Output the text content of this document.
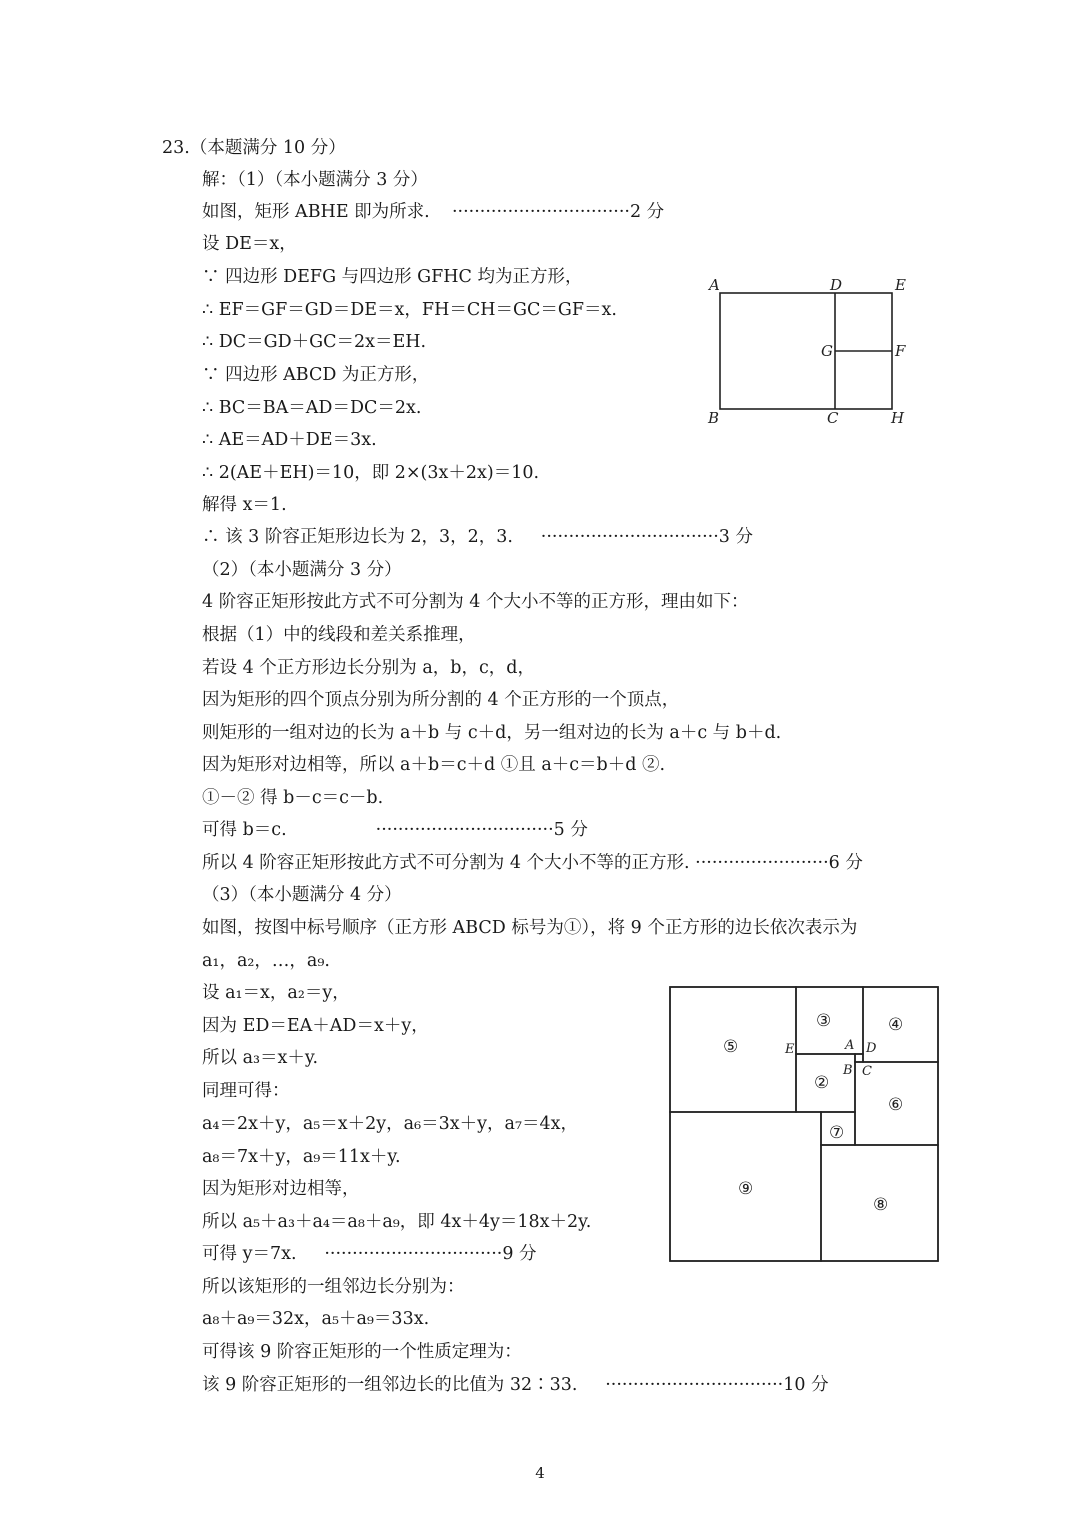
23.（本题满分 10 分）
解：（1）（本小题满分 3 分）
如图，矩形 ABHE 即为所求.    ································2 分
设 DE＝x，
∵ 四边形 DEFG 与四边形 GFHC 均为正方形，
∴ EF＝GF＝GD＝DE＝x，FH＝CH＝GC＝GF＝x.
∴ DC＝GD＋GC＝2x＝EH.
∵ 四边形 ABCD 为正方形，
∴ BC＝BA＝AD＝DC＝2x.
∴ AE＝AD＋DE＝3x.
∴ 2(AE＋EH)＝10，即 2×(3x＋2x)＝10.
解得 x＝1.
∴ 该 3 阶容正矩形边长为 2，3，2，3.     ································3 分
（2）（本小题满分 3 分）
4 阶容正矩形按此方式不可分割为 4 个大小不等的正方形，理由如下：
根据（1）中的线段和差关系推理，
若设 4 个正方形边长分别为 a，b，c，d，
因为矩形的四个顶点分别为所分割的 4 个正方形的一个顶点，
则矩形的一组对边的长为 a＋b 与 c＋d，另一组对边的长为 a＋c 与 b＋d.
因为矩形对边相等，所以 a＋b＝c＋d ①且 a＋c＝b＋d ②.
①－② 得 b－c＝c－b.
可得 b＝c.                ································5 分
所以 4 阶容正矩形按此方式不可分割为 4 个大小不等的正方形. ························6 分
（3）（本小题满分 4 分）
如图，按图中标号顺序（正方形 ABCD 标号为①），将 9 个正方形的边长依次表示为
a₁，a₂，…，a₉.
设 a₁＝x，a₂＝y，
因为 ED＝EA＋AD＝x＋y，
所以 a₃＝x＋y.
同理可得：
a₄＝2x＋y，a₅＝x＋2y，a₆＝3x＋y，a₇＝4x，
a₈＝7x＋y，a₉＝11x＋y.
因为矩形对边相等，
所以 a₅＋a₃＋a₄＝a₈＋a₉，即 4x＋4y＝18x＋2y.
可得 y＝7x.     ································9 分
所以该矩形的一组邻边长分别为：
a₈＋a₉＝32x，a₅＋a₉＝33x.
可得该 9 阶容正矩形的一个性质定理为：
该 9 阶容正矩形的一组邻边长的比值为 32∶33.     ································10 分
A	D	E
G	F
B	C	H
⑤
③	④
②
⑥
⑦
⑨
⑧
E	A D
B C
4
